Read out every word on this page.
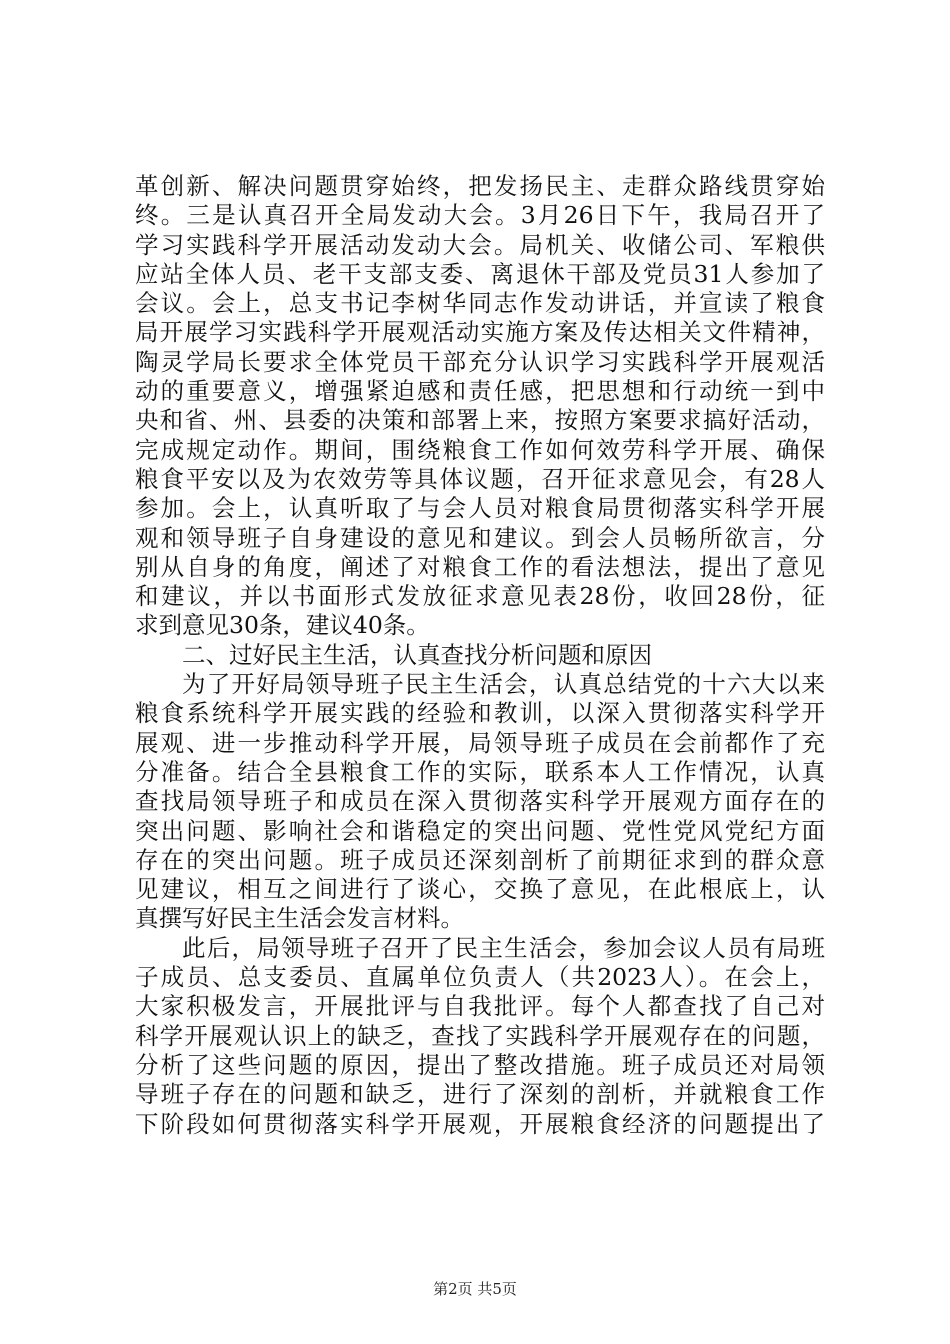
革创新、解决问题贯穿始终，把发扬民主、走群众路线贯穿始
终。三是认真召开全局发动大会。3月26日下午，我局召开了
学习实践科学开展活动发动大会。局机关、收储公司、军粮供
应站全体人员、老干支部支委、离退休干部及党员31人参加了
会议。会上，总支书记李树华同志作发动讲话，并宣读了粮食
局开展学习实践科学开展观活动实施方案及传达相关文件精神，
陶灵学局长要求全体党员干部充分认识学习实践科学开展观活
动的重要意义，增强紧迫感和责任感，把思想和行动统一到中
央和省、州、县委的决策和部署上来，按照方案要求搞好活动，
完成规定动作。期间，围绕粮食工作如何效劳科学开展、确保
粮食平安以及为农效劳等具体议题，召开征求意见会，有28人
参加。会上，认真听取了与会人员对粮食局贯彻落实科学开展
观和领导班子自身建设的意见和建议。到会人员畅所欲言，分
别从自身的角度，阐述了对粮食工作的看法想法，提出了意见
和建议，并以书面形式发放征求意见表28份，收回28份，征
求到意见30条，建议40条。
二、过好民主生活，认真查找分析问题和原因
为了开好局领导班子民主生活会，认真总结党的十六大以来
粮食系统科学开展实践的经验和教训，以深入贯彻落实科学开
展观、进一步推动科学开展，局领导班子成员在会前都作了充
分准备。结合全县粮食工作的实际，联系本人工作情况，认真
查找局领导班子和成员在深入贯彻落实科学开展观方面存在的
突出问题、影响社会和谐稳定的突出问题、党性党风党纪方面
存在的突出问题。班子成员还深刻剖析了前期征求到的群众意
见建议，相互之间进行了谈心，交换了意见，在此根底上，认
真撰写好民主生活会发言材料。
此后，局领导班子召开了民主生活会，参加会议人员有局班
子成员、总支委员、直属单位负责人（共2023人）。在会上，
大家积极发言，开展批评与自我批评。每个人都查找了自己对
科学开展观认识上的缺乏，查找了实践科学开展观存在的问题，
分析了这些问题的原因，提出了整改措施。班子成员还对局领
导班子存在的问题和缺乏，进行了深刻的剖析，并就粮食工作
下阶段如何贯彻落实科学开展观，开展粮食经济的问题提出了
第2页 共5页
